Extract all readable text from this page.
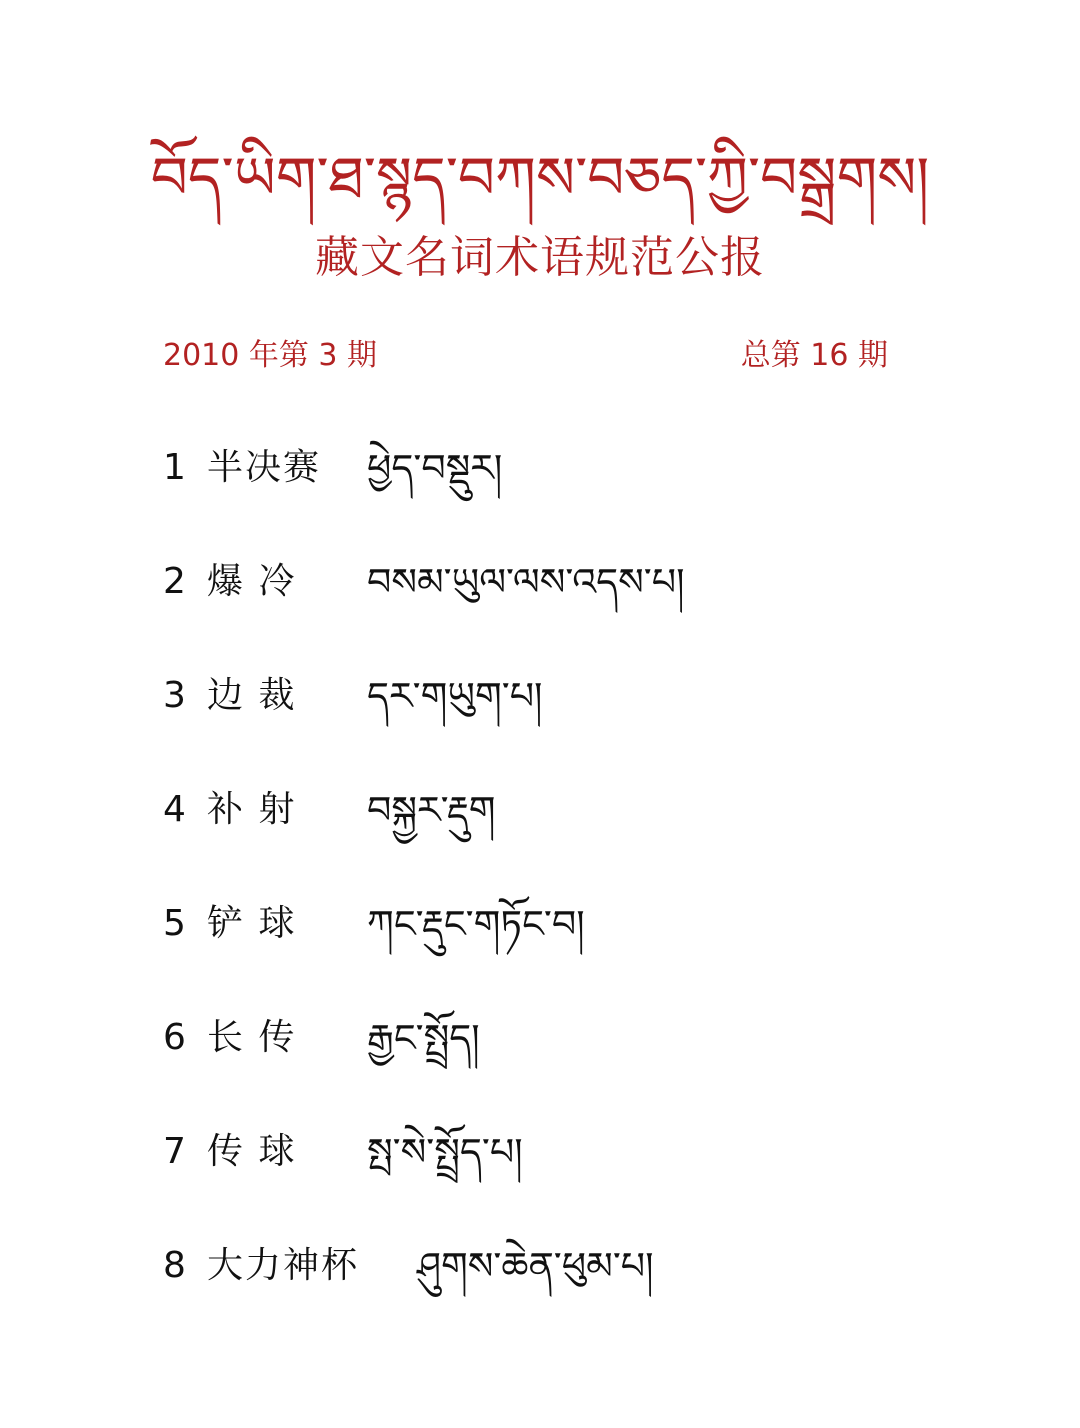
བོད་ཡིག་ཐ་སྙད་བཀས་བཅད་ཀྱི་བསྒྲགས།
藏文名词术语规范公报
2010 年第 3 期	总第 16 期
1 半决赛	ཕྱེད་བསྡུར།
2 爆 冷	བསམ་ཡུལ་ལས་འདས་པ།
3 边 裁	དར་གཡུག་པ།
4 补 射	བསྐྱར་རྡུག
5 铲 球	ཀང་རྡུང་གཏོང་བ།
6 长 传	རྒྱང་སྤྲོད།
7 传 球	སྤ་སེ་སྤྲོད་པ།
8 大力神杯	ཤུགས་ཆེན་ཕུམ་པ།
